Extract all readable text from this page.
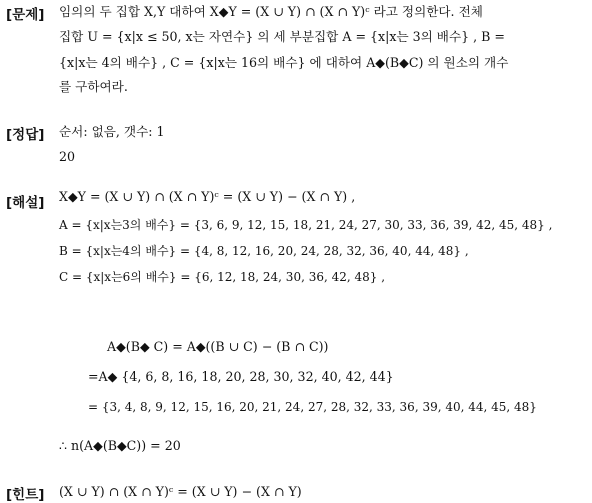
[문제] 임의의 두 집합 X,Y 대하여 X◆Y = (X ∪ Y) ∩ (X ∩ Y)ᶜ 라고 정의한다. 전체
집합 U = {x|x ≤ 50, x는 자연수} 의 세 부분집합 A = {x|x는 3의 배수} , B =
{x|x는 4의 배수} , C = {x|x는 16의 배수} 에 대하여 A◆(B◆C) 의 원소의 개수
를 구하여라.
[정답] 순서: 없음, 갯수: 1
20
[해설] X◆Y = (X ∪ Y) ∩ (X ∩ Y)ᶜ = (X ∪ Y) − (X ∩ Y) ,
A = {x|x는3의 배수} = {3, 6, 9, 12, 15, 18, 21, 24, 27, 30, 33, 36, 39, 42, 45, 48} ,
B = {x|x는4의 배수} = {4, 8, 12, 16, 20, 24, 28, 32, 36, 40, 44, 48} ,
C = {x|x는6의 배수} = {6, 12, 18, 24, 30, 36, 42, 48} ,
A◆(B◆ C) = A◆((B ∪ C) − (B ∩ C))
=A◆ {4, 6, 8, 16, 18, 20, 28, 30, 32, 40, 42, 44}
= {3, 4, 8, 9, 12, 15, 16, 20, 21, 24, 27, 28, 32, 33, 36, 39, 40, 44, 45, 48}
∴ n(A◆(B◆C)) = 20
[힌트] (X ∪ Y) ∩ (X ∩ Y)ᶜ = (X ∪ Y) − (X ∩ Y)
